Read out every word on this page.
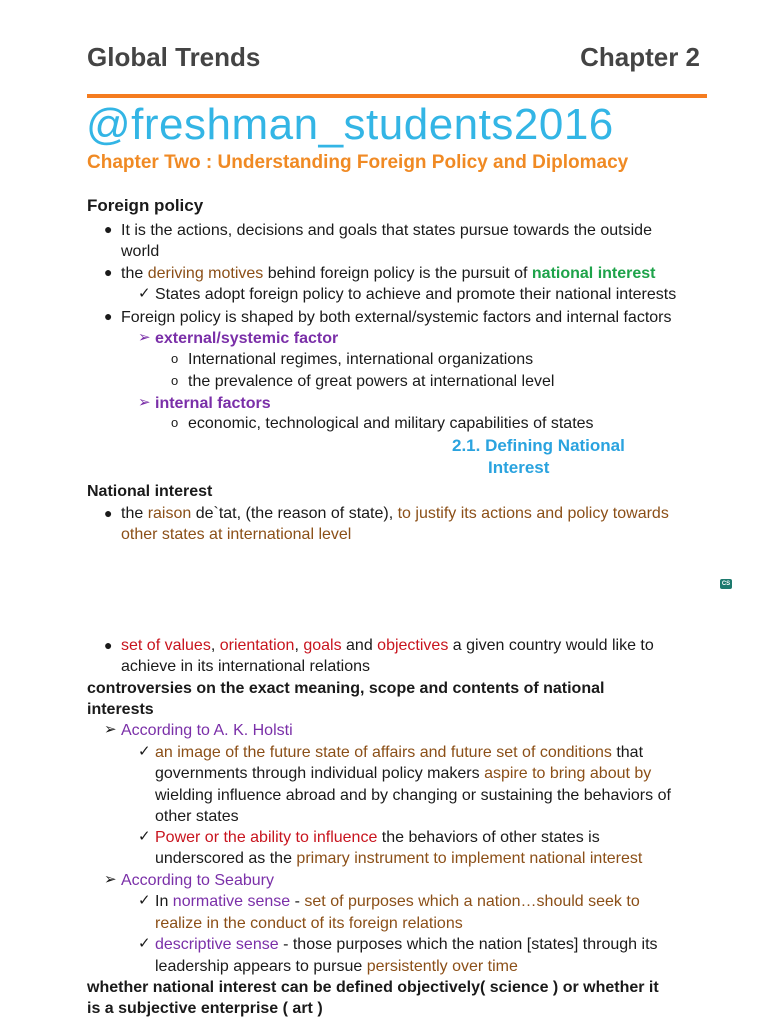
Global Trends	Chapter 2
@freshman_students2016
Chapter Two : Understanding Foreign Policy and Diplomacy
Foreign policy
● It is the actions, decisions and goals that states pursue towards the outside
world
● the deriving motives behind foreign policy is the pursuit of national interest
✓ States adopt foreign policy to achieve and promote their national interests
● Foreign policy is shaped by both external/systemic factors and internal factors
➢ external/systemic factor
o International regimes, international organizations
o the prevalence of great powers at international level
➢ internal factors
o economic, technological and military capabilities of states
2.1. Defining National
Interest
National interest
● the raison de`tat, (the reason of state), to justify its actions and policy towards
other states at international level
CS
● set of values, orientation, goals and objectives a given country would like to
achieve in its international relations
controversies on the exact meaning, scope and contents of national
interests
➢ According to A. K. Holsti
✓ an image of the future state of affairs and future set of conditions that
governments through individual policy makers aspire to bring about by
wielding influence abroad and by changing or sustaining the behaviors of
other states
✓ Power or the ability to influence the behaviors of other states is
underscored as the primary instrument to implement national interest
➢ According to Seabury
✓ In normative sense - set of purposes which a nation…should seek to
realize in the conduct of its foreign relations
✓ descriptive sense - those purposes which the nation [states] through its
leadership appears to pursue persistently over time
whether national interest can be defined objectively( science ) or whether it
is a subjective enterprise ( art )
